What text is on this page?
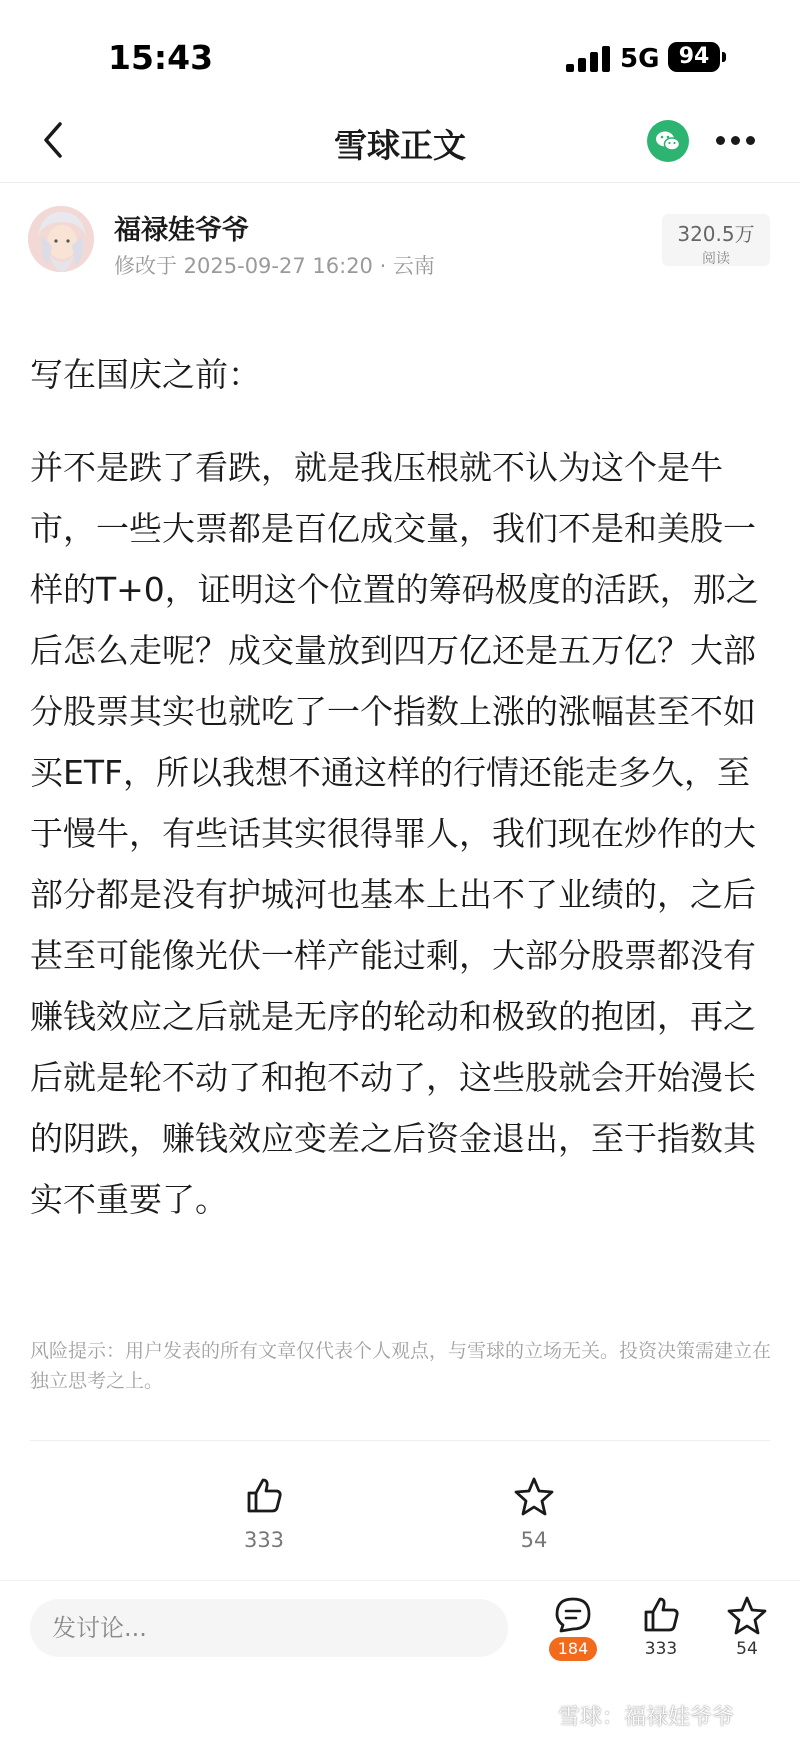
15:43	5G 94
雪球正文
福禄娃爷爷
修改于 2025-09-27 16:20 · 云南
320.5万
阅读

写在国庆之前：

并不是跌了看跌，就是我压根就不认为这个是牛市，一些大票都是百亿成交量，我们不是和美股一样的T+0，证明这个位置的筹码极度的活跃，那之后怎么走呢？成交量放到四万亿还是五万亿？大部分股票其实也就吃了一个指数上涨的涨幅甚至不如买ETF，所以我想不通这样的行情还能走多久，至于慢牛，有些话其实很得罪人，我们现在炒作的大部分都是没有护城河也基本上出不了业绩的，之后甚至可能像光伏一样产能过剩，大部分股票都没有赚钱效应之后就是无序的轮动和极致的抱团，再之后就是轮不动了和抱不动了，这些股就会开始漫长的阴跌，赚钱效应变差之后资金退出，至于指数其实不重要了。

风险提示：用户发表的所有文章仅代表个人观点，与雪球的立场无关。投资决策需建立在独立思考之上。
333	54
发讨论...
184	333	54
雪球：福禄娃爷爷
